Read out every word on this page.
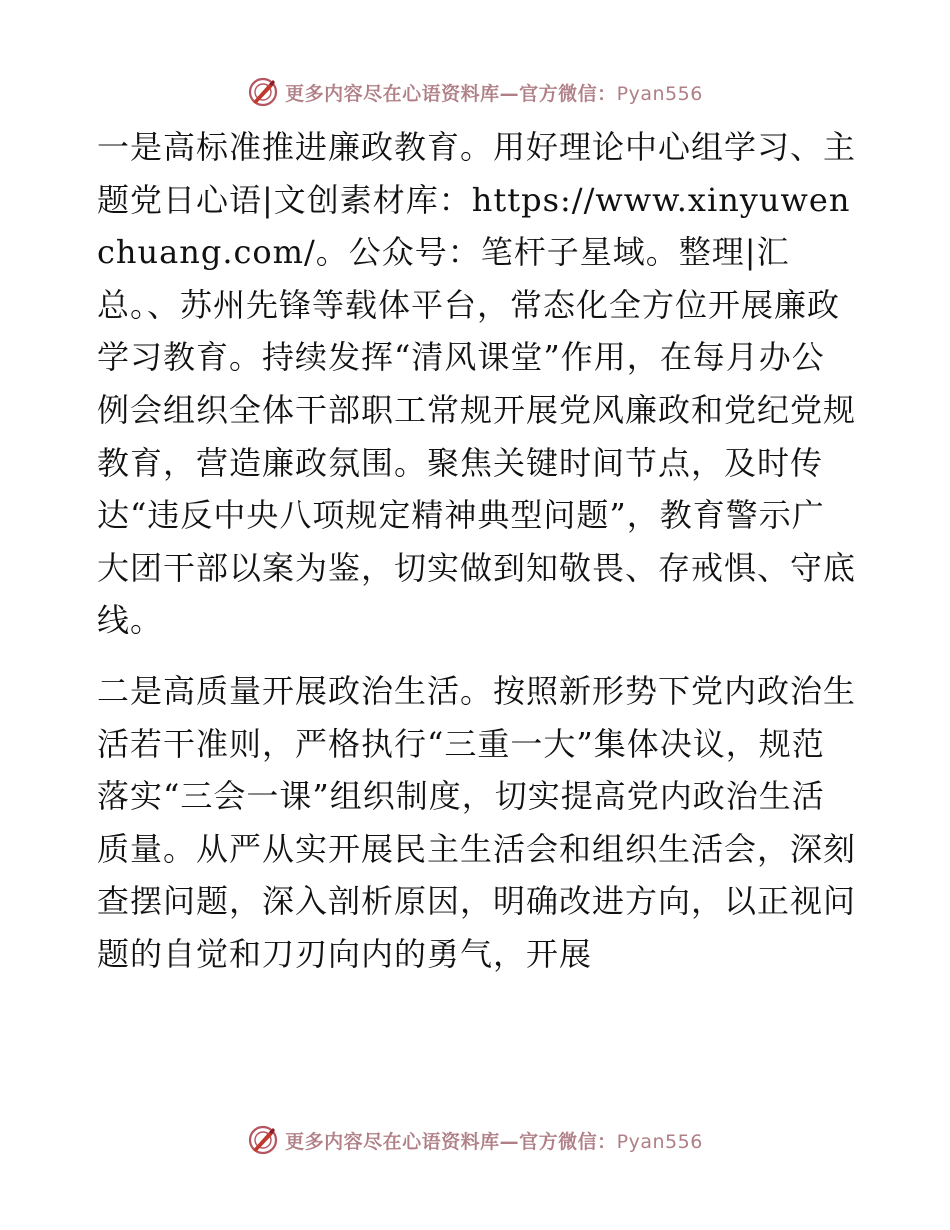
更多内容尽在心语资料库—官方微信：Pyan556

一是高标准推进廉政教育。用好理论中心组学习、主题党日心语|文创素材库：https://www.xinyuwenchuang.com/。公众号：笔杆子星域。整理|汇总。、苏州先锋等载体平台，常态化全方位开展廉政学习教育。持续发挥“清风课堂”作用，在每月办公例会组织全体干部职工常规开展党风廉政和党纪党规教育，营造廉政氛围。聚焦关键时间节点，及时传达“违反中央八项规定精神典型问题”，教育警示广大团干部以案为鉴，切实做到知敬畏、存戒惧、守底线。

二是高质量开展政治生活。按照新形势下党内政治生活若干准则，严格执行“三重一大”集体决议，规范落实“三会一课”组织制度，切实提高党内政治生活质量。从严从实开展民主生活会和组织生活会，深刻查摆问题，深入剖析原因，明确改进方向，以正视问题的自觉和刀刃向内的勇气，开展

更多内容尽在心语资料库—官方微信：Pyan556
